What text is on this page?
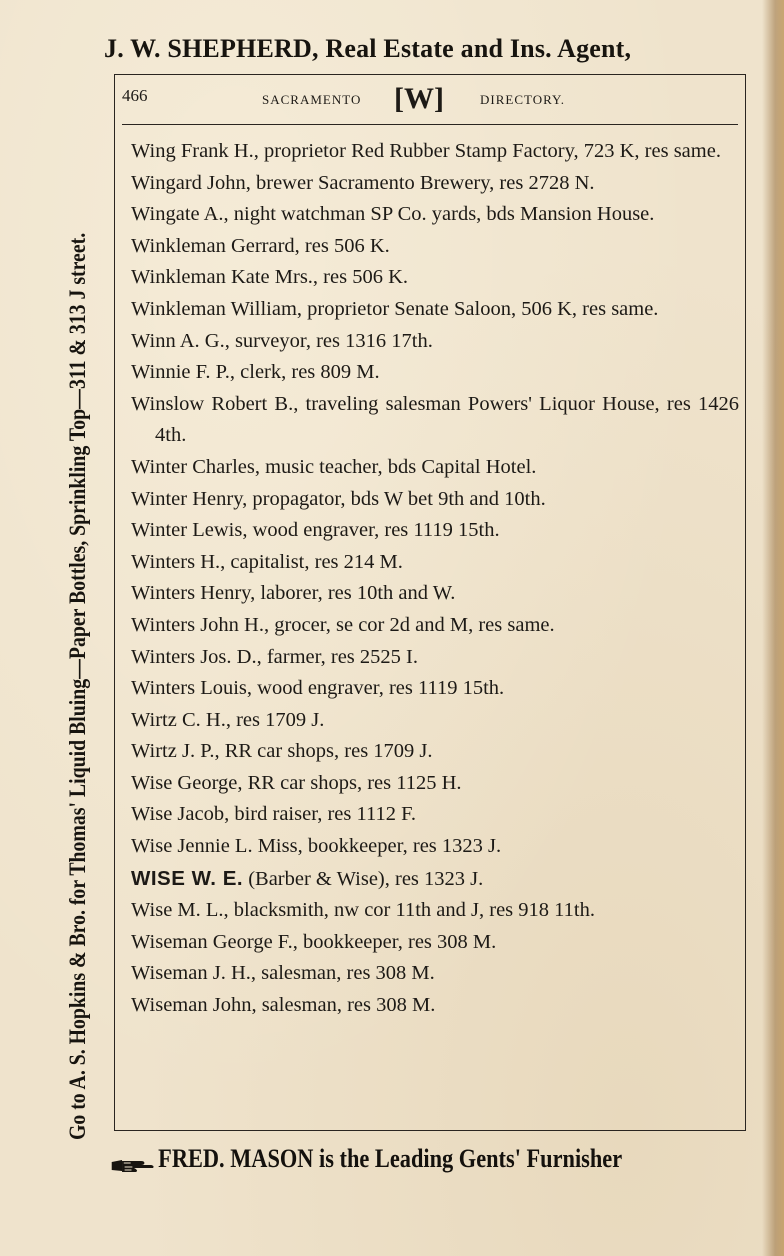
J. W. SHEPHERD, Real Estate and Ins. Agent,
Go to A. S. Hopkins & Bro. for Thomas' Liquid Bluing—Paper Bottles, Sprinkling Top—311 & 313 J street.
466	SACRAMENTO [W]	DIRECTORY.
Wing Frank H., proprietor Red Rubber Stamp Factory, 723 K, res same.
Wingard John, brewer Sacramento Brewery, res 2728 N.
Wingate A., night watchman SP Co. yards, bds Mansion House.
Winkleman Gerrard, res 506 K.
Winkleman Kate Mrs., res 506 K.
Winkleman William, proprietor Senate Saloon, 506 K, res same.
Winn A. G., surveyor, res 1316 17th.
Winnie F. P., clerk, res 809 M.
Winslow Robert B., traveling salesman Powers' Liquor House, res 1426 4th.
Winter Charles, music teacher, bds Capital Hotel.
Winter Henry, propagator, bds W bet 9th and 10th.
Winter Lewis, wood engraver, res 1119 15th.
Winters H., capitalist, res 214 M.
Winters Henry, laborer, res 10th and W.
Winters John H., grocer, se cor 2d and M, res same.
Winters Jos. D., farmer, res 2525 I.
Winters Louis, wood engraver, res 1119 15th.
Wirtz C. H., res 1709 J.
Wirtz J. P., RR car shops, res 1709 J.
Wise George, RR car shops, res 1125 H.
Wise Jacob, bird raiser, res 1112 F.
Wise Jennie L. Miss, bookkeeper, res 1323 J.
WISE W. E. (Barber & Wise), res 1323 J.
Wise M. L., blacksmith, nw cor 11th and J, res 918 11th.
Wiseman George F., bookkeeper, res 308 M.
Wiseman J. H., salesman, res 308 M.
Wiseman John, salesman, res 308 M.
FRED. MASON is the Leading Gents' Furnisher
